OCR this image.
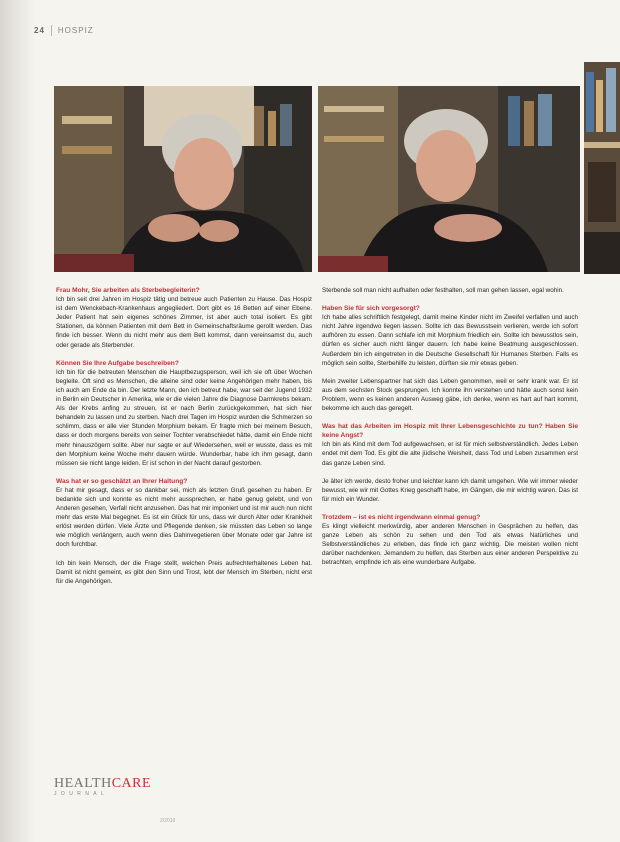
24 HOSPIZ
Frau Mohr, Sie arbeiten als Sterbebegleiterin?

Ich bin seit drei Jahren im Hospiz tätig und betreue auch Patienten zu Hause. Das Hospiz ist dem Wenckebach-Krankenhaus angegliedert. Dort gibt es 16 Betten auf einer Ebene. Jeder Patient hat sein eigenes schönes Zimmer, ist aber auch total isoliert. Es gibt Stationen, da können Patienten mit dem Bett in Gemeinschaftsräume gerollt werden. Das finde ich besser. Wenn du nicht mehr aus dem Bett kommst, dann vereinsamst du, auch oder gerade als Sterbender.

Können Sie Ihre Aufgabe beschreiben?

Ich bin für die betreuten Menschen die Hauptbezugsperson, weil ich sie oft über Wochen begleite. Oft sind es Menschen, die alleine sind oder keine Angehörigen mehr haben, bis ich auch am Ende da bin. Der letzte Mann, den ich betreut habe, war seit der Jugend 1932 in Berlin ein Deutscher in Amerika, wie er die vielen Jahre die Diagnose Darmkrebs bekam. Als der Krebs anfing zu streuen, ist er nach Berlin zurückgekommen, hat sich hier behandeln zu lassen und zu sterben. Nach drei Tagen im Hospiz wurden die Schmerzen so schlimm, dass er alle vier Stunden Morphium bekam. Er fragte mich bei meinem Besuch, dass er doch morgens bereits von seiner Tochter verabschiedet hätte, damit ein Ende nicht mehr hinauszögern sollte. Aber nur sagte er auf Wiedersehen, weil er wusste, dass es mit den Morphium keine Woche mehr dauern würde. Wunderbar, habe ich ihm gesagt, dann müssen sie nicht lange leiden. Er ist schon in der Nacht darauf gestorben.

Was hat er so geschätzt an Ihrer Haltung?

Er hat mir gesagt, dass er so dankbar sei, mich als letzten Gruß gesehen zu haben. Er bedankte sich und konnte es nicht mehr aussprechen, er habe genug gelebt, und von Anderen gesehen, Verfall nicht anzusehen. Das hat mir imponiert und ist mir auch nun nicht mehr das erste Mal begegnet. Es ist ein Glück für uns, dass wir durch Alter oder Krankheit erlöst werden dürfen. Viele Ärzte und Pflegende denken, sie müssten das Leben so lange wie möglich verlängern, auch wenn dies Dahinvegetieren über Monate oder gar Jahre ist doch furchtbar.

Ich bin kein Mensch, der die Frage stellt, welchen Preis aufrechterhaltenes Leben hat. Damit ist nicht gemeint, es gibt den Sinn und Trost, lebt der Mensch im Sterben, nicht erst für die Angehörigen.

Sterbende soll man nicht aufhalten oder festhalten, soll man gehen lassen, egal wohin.

Haben Sie für sich vorgesorgt?

Ich habe alles schriftlich festgelegt, damit meine Kinder nicht im Zweifel verfallen und auch nicht Jahre irgendwo liegen lassen. Sollte ich das Bewusstsein verlieren, werde ich sofort aufhören zu essen. Dann schlafe ich mit Morphium friedlich ein. Sollte ich bewusstlos sein, dürfen es sicher auch nicht länger dauern. Ich habe keine Beatmung ausgeschlossen. Außerdem bin ich eingetreten in die Deutsche Gesellschaft für Humanes Sterben. Falls es möglich sein sollte, Sterbehilfe zu leisten, dürften sie mir etwas geben.

Mein zweiter Lebenspartner hat sich das Leben genommen, weil er sehr krank war. Er ist aus dem sechsten Stock gesprungen. Ich konnte ihn verstehen und hätte auch sonst kein Problem, wenn es keinen anderen Ausweg gäbe, ich denke, wenn es hart auf hart kommt, bekomme ich auch das geregelt.

Was hat das Arbeiten im Hospiz mit Ihrer Lebensgeschichte zu tun? Haben Sie keine Angst?

Ich bin als Kind mit dem Tod aufgewachsen, er ist für mich selbstverständlich. Jedes Leben endet mit dem Tod. Es gibt die alte jüdische Weisheit, dass Tod und Leben zusammen erst das ganze Leben sind.

Je älter ich werde, desto froher und leichter kann ich damit umgehen. Wie wir immer wieder bewusst, wie wir mit Gottes Krieg geschafft habe, im Gängen, die mir wichtig waren. Das ist für mich ein Wunder.

Trotzdem – ist es nicht irgendwann einmal genug?

Es klingt vielleicht merkwürdig, aber anderen Menschen in Gesprächen zu helfen, das ganze Leben als schön zu sehen und den Tod als etwas Natürliches und Selbstverständliches zu erleben, das finde ich ganz wichtig. Die meisten wollen nicht darüber nachdenken. Jemandem zu helfen, das Sterben aus einer anderen Perspektive zu betrachten, empfinde ich als eine wunderbare Aufgabe.

HEALTHCARE
JOURNAL
2/2010
